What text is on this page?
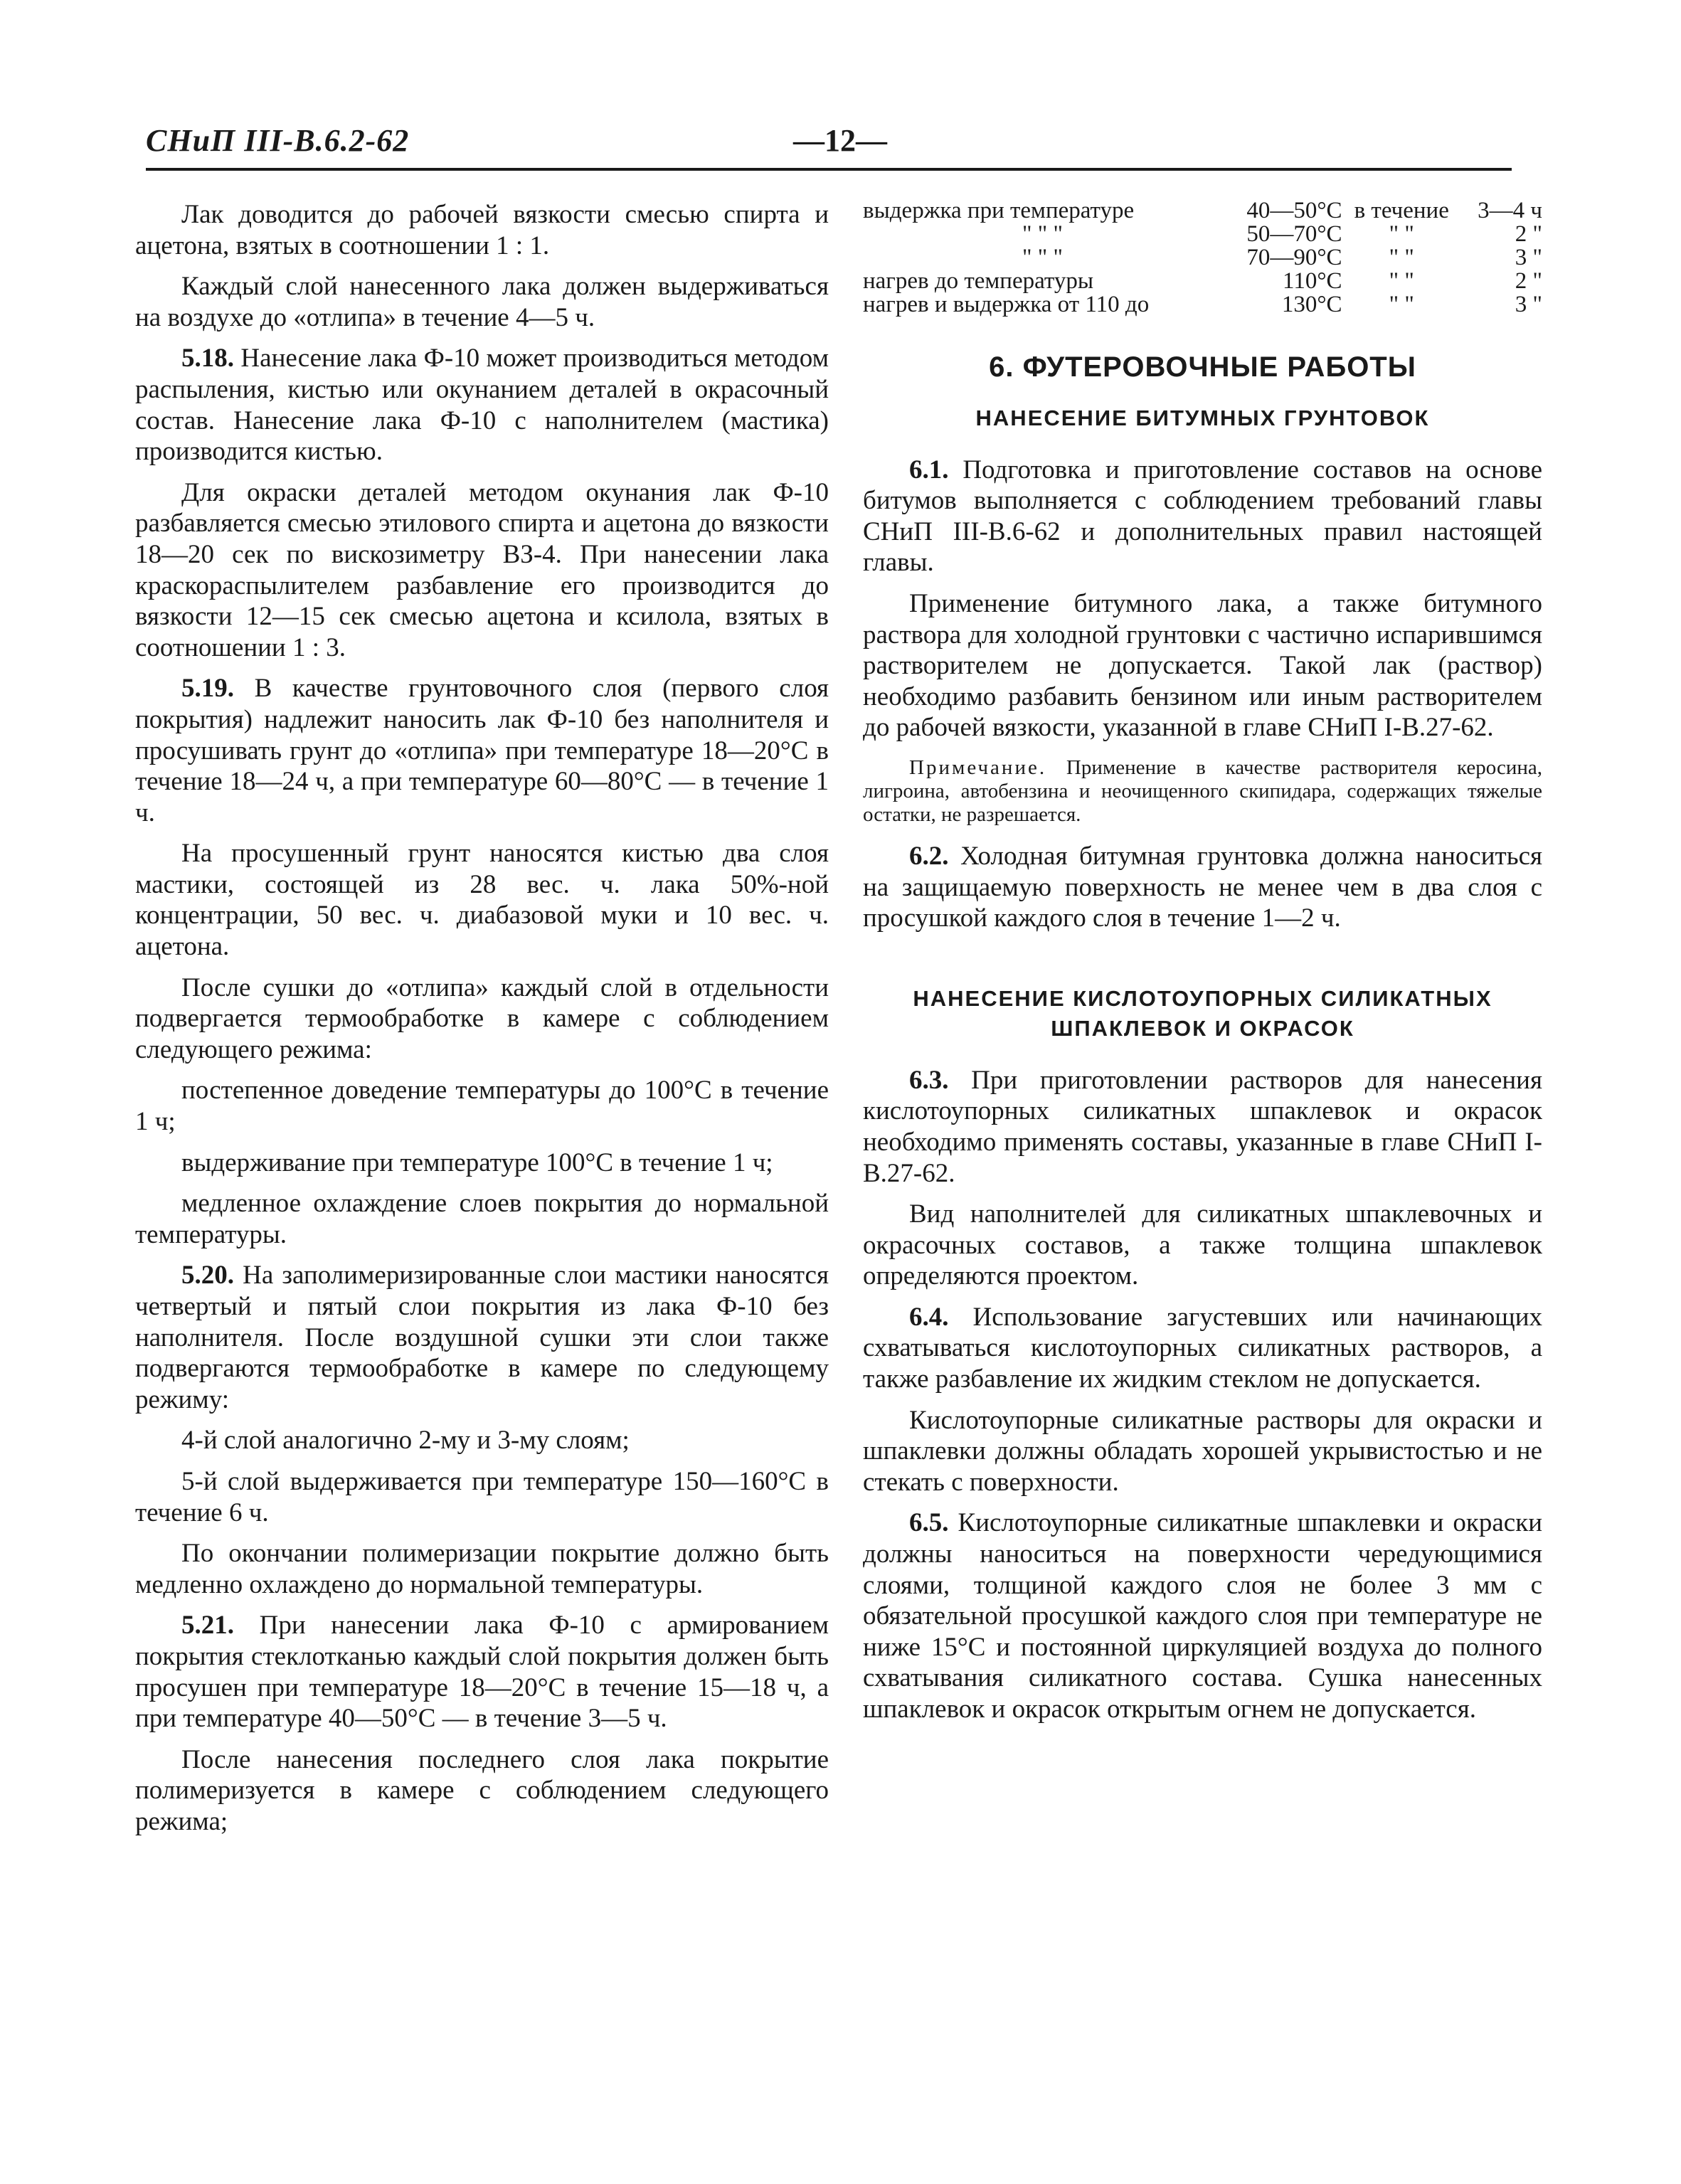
СНиП III-В.6.2-62	—12—

Лак доводится до рабочей вязкости смесью спирта и ацетона, взятых в соотношении 1 : 1.

Каждый слой нанесенного лака должен выдерживаться на воздухе до «отлипа» в течение 4—5 ч.

5.18. Нанесение лака Ф-10 может производиться методом распыления, кистью или окунанием деталей в окрасочный состав. Нанесение лака Ф-10 с наполнителем (мастика) производится кистью.

Для окраски деталей методом окунания лак Ф-10 разбавляется смесью этилового спирта и ацетона до вязкости 18—20 сек по вискозиметру ВЗ-4. При нанесении лака краскораспылителем разбавление его производится до вязкости 12—15 сек смесью ацетона и ксилола, взятых в соотношении 1 : 3.

5.19. В качестве грунтовочного слоя (первого слоя покрытия) надлежит наносить лак Ф-10 без наполнителя и просушивать грунт до «отлипа» при температуре 18—20°С в течение 18—24 ч, а при температуре 60—80°С — в течение 1 ч.

На просушенный грунт наносятся кистью два слоя мастики, состоящей из 28 вес. ч. лака 50%-ной концентрации, 50 вес. ч. диабазовой муки и 10 вес. ч. ацетона.

После сушки до «отлипа» каждый слой в отдельности подвергается термообработке в камере с соблюдением следующего режима:

постепенное доведение температуры до 100°С в течение 1 ч;

выдерживание при температуре 100°С в течение 1 ч;

медленное охлаждение слоев покрытия до нормальной температуры.

5.20. На заполимеризированные слои мастики наносятся четвертый и пятый слои покрытия из лака Ф-10 без наполнителя. После воздушной сушки эти слои также подвергаются термообработке в камере по следующему режиму:

4-й слой аналогично 2-му и 3-му слоям;

5-й слой выдерживается при температуре 150—160°С в течение 6 ч.

По окончании полимеризации покрытие должно быть медленно охлаждено до нормальной температуры.

5.21. При нанесении лака Ф-10 с армированием покрытия стеклотканью каждый слой покрытия должен быть просушен при температуре 18—20°С в течение 15—18 ч, а при температуре 40—50°С — в течение 3—5 ч.

После нанесения последнего слоя лака покрытие полимеризуется в камере с соблюдением следующего режима;

выдержка при температуре	40—50°С	в течение	3—4 ч
" " "	50—70°С	" "	2 "
" " "	70—90°С	" "	3 "
нагрев до температуры	110°С	" "	2 "
нагрев и выдержка от 110 до	130°С	" "	3 "

6. ФУТЕРОВОЧНЫЕ РАБОТЫ

НАНЕСЕНИЕ БИТУМНЫХ ГРУНТОВОК

6.1. Подготовка и приготовление составов на основе битумов выполняется с соблюдением требований главы СНиП III-В.6-62 и дополнительных правил настоящей главы.

Применение битумного лака, а также битумного раствора для холодной грунтовки с частично испарившимся растворителем не допускается. Такой лак (раствор) необходимо разбавить бензином или иным растворителем до рабочей вязкости, указанной в главе СНиП I-В.27-62.

Примечание. Применение в качестве растворителя керосина, лигроина, автобензина и неочищенного скипидара, содержащих тяжелые остатки, не разрешается.

6.2. Холодная битумная грунтовка должна наноситься на защищаемую поверхность не менее чем в два слоя с просушкой каждого слоя в течение 1—2 ч.

НАНЕСЕНИЕ КИСЛОТОУПОРНЫХ СИЛИКАТНЫХ ШПАКЛЕВОК И ОКРАСОК

6.3. При приготовлении растворов для нанесения кислотоупорных силикатных шпаклевок и окрасок необходимо применять составы, указанные в главе СНиП I-В.27-62.

Вид наполнителей для силикатных шпаклевочных и окрасочных составов, а также толщина шпаклевок определяются проектом.

6.4. Использование загустевших или начинающих схватываться кислотоупорных силикатных растворов, а также разбавление их жидким стеклом не допускается.

Кислотоупорные силикатные растворы для окраски и шпаклевки должны обладать хорошей укрывистостью и не стекать с поверхности.

6.5. Кислотоупорные силикатные шпаклевки и окраски должны наноситься на поверхности чередующимися слоями, толщиной каждого слоя не более 3 мм с обязательной просушкой каждого слоя при температуре не ниже 15°С и постоянной циркуляцией воздуха до полного схватывания силикатного состава. Сушка нанесенных шпаклевок и окрасок открытым огнем не допускается.
